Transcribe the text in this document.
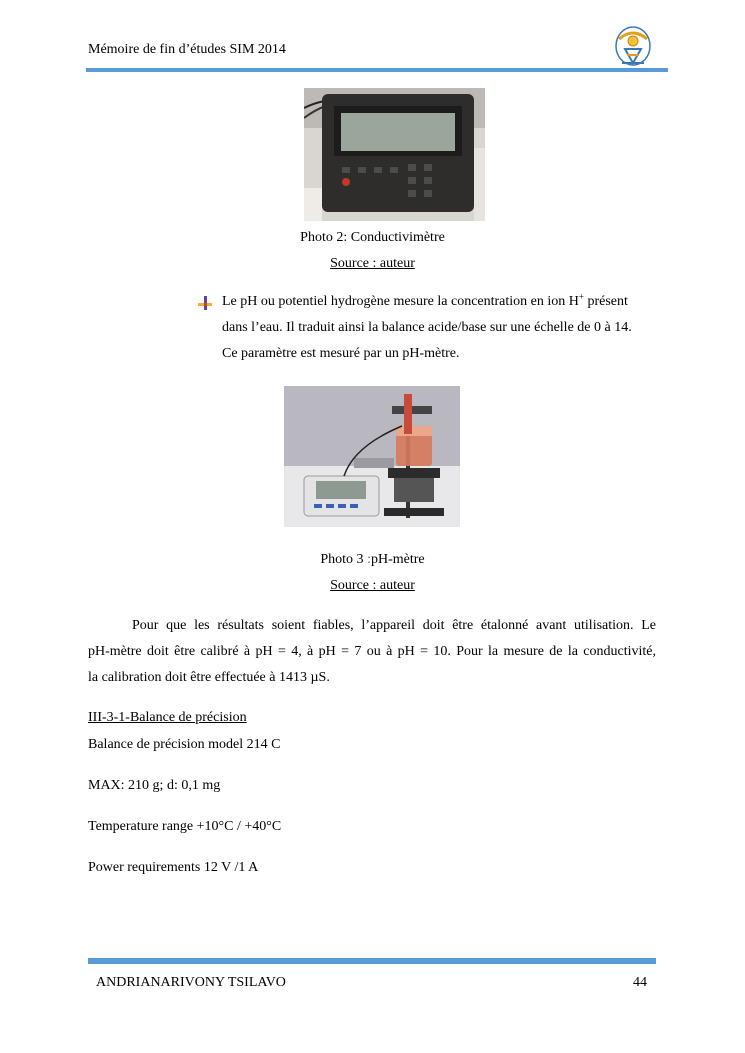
Mémoire de fin d’études SIM 2014
Photo 2: Conductivimètre
Source : auteur
Le pH ou potentiel hydrogène mesure la concentration en ion H+ présent
dans l’eau. Il traduit ainsi la balance acide/base sur une échelle de 0 à 14.
Ce paramètre est mesuré par un pH-mètre.
Photo 3 :pH-mètre
Source : auteur
Pour que les résultats soient fiables, l’appareil doit être étalonné avant utilisation. Le
pH-mètre doit être calibré à pH = 4, à pH = 7 ou à pH = 10. Pour la mesure de la conductivité,
la calibration doit être effectuée à 1413 µS.
III-3-1-Balance de précision
Balance de précision model 214 C
MAX: 210 g; d: 0,1 mg
Temperature range +10°C / +40°C
Power requirements 12 V /1 A
ANDRIANARIVONY TSILAVO	44
